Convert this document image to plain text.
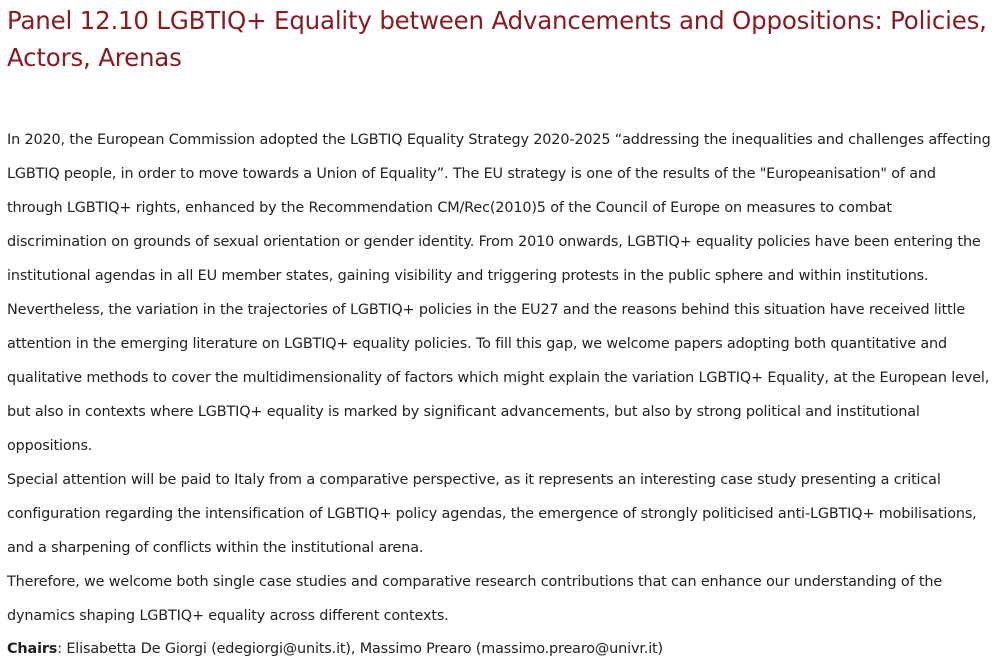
Panel 12.10 LGBTIQ+ Equality between Advancements and Oppositions: Policies, Actors, Arenas

In 2020, the European Commission adopted the LGBTIQ Equality Strategy 2020-2025 “addressing the inequalities and challenges affecting LGBTIQ people, in order to move towards a Union of Equality”. The EU strategy is one of the results of the "Europeanisation" of and through LGBTIQ+ rights, enhanced by the Recommendation CM/Rec(2010)5 of the Council of Europe on measures to combat discrimination on grounds of sexual orientation or gender identity. From 2010 onwards, LGBTIQ+ equality policies have been entering the institutional agendas in all EU member states, gaining visibility and triggering protests in the public sphere and within institutions.

Nevertheless, the variation in the trajectories of LGBTIQ+ policies in the EU27 and the reasons behind this situation have received little attention in the emerging literature on LGBTIQ+ equality policies. To fill this gap, we welcome papers adopting both quantitative and qualitative methods to cover the multidimensionality of factors which might explain the variation LGBTIQ+ Equality, at the European level, but also in contexts where LGBTIQ+ equality is marked by significant advancements, but also by strong political and institutional oppositions.

Special attention will be paid to Italy from a comparative perspective, as it represents an interesting case study presenting a critical configuration regarding the intensification of LGBTIQ+ policy agendas, the emergence of strongly politicised anti-LGBTIQ+ mobilisations, and a sharpening of conflicts within the institutional arena.

Therefore, we welcome both single case studies and comparative research contributions that can enhance our understanding of the dynamics shaping LGBTIQ+ equality across different contexts.

Chairs: Elisabetta De Giorgi (edegiorgi@units.it), Massimo Prearo (massimo.prearo@univr.it)
